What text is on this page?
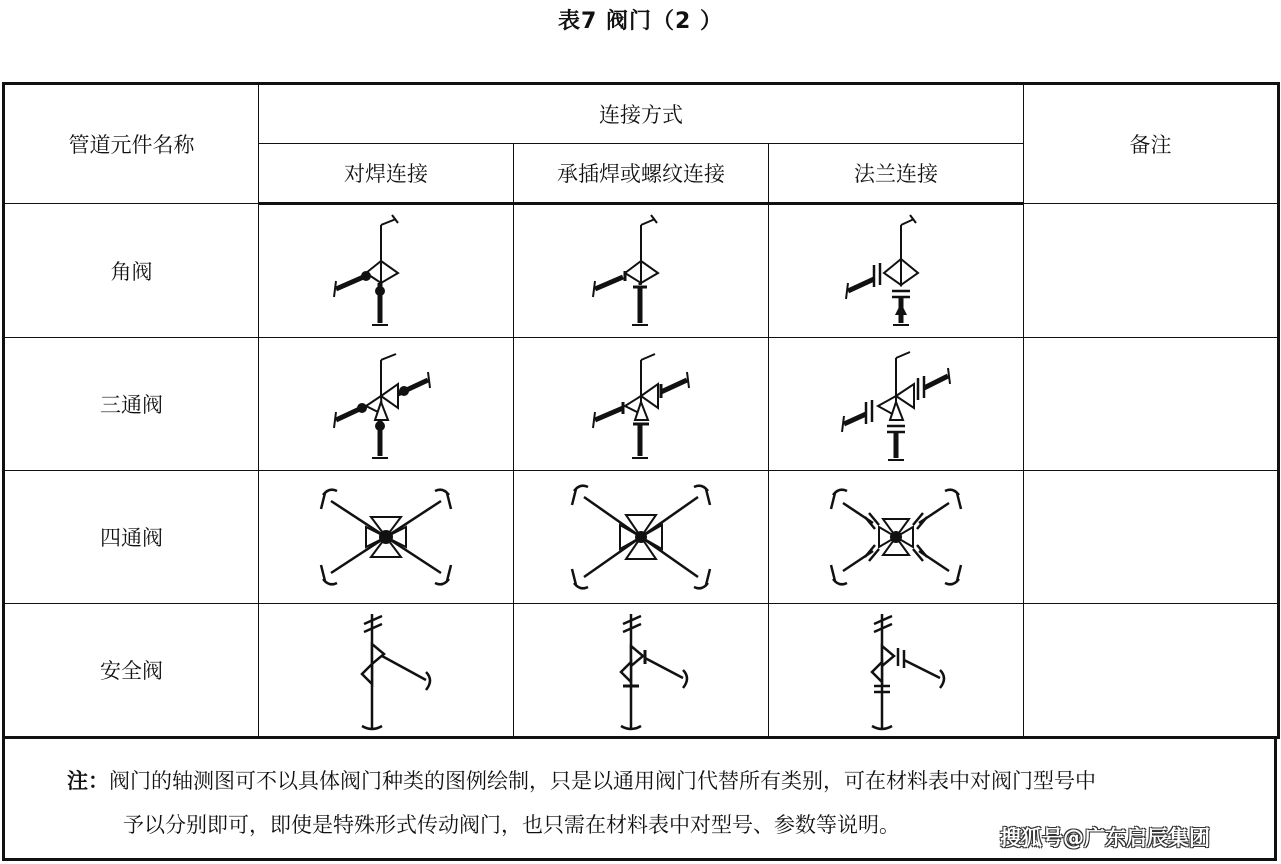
表7 阀门（2 ）
管道元件名称	连接方式			备注
	对焊连接	承插焊或螺纹连接	法兰连接	
角阀	

三通阀	

四通阀	

安全阀	

注：阀门的轴测图可不以具体阀门种类的图例绘制，只是以通用阀门代替所有类别，可在材料表中对阀门型号中
予以分别即可，即使是特殊形式传动阀门，也只需在材料表中对型号、参数等说明。
搜狐号@广东启辰集团
